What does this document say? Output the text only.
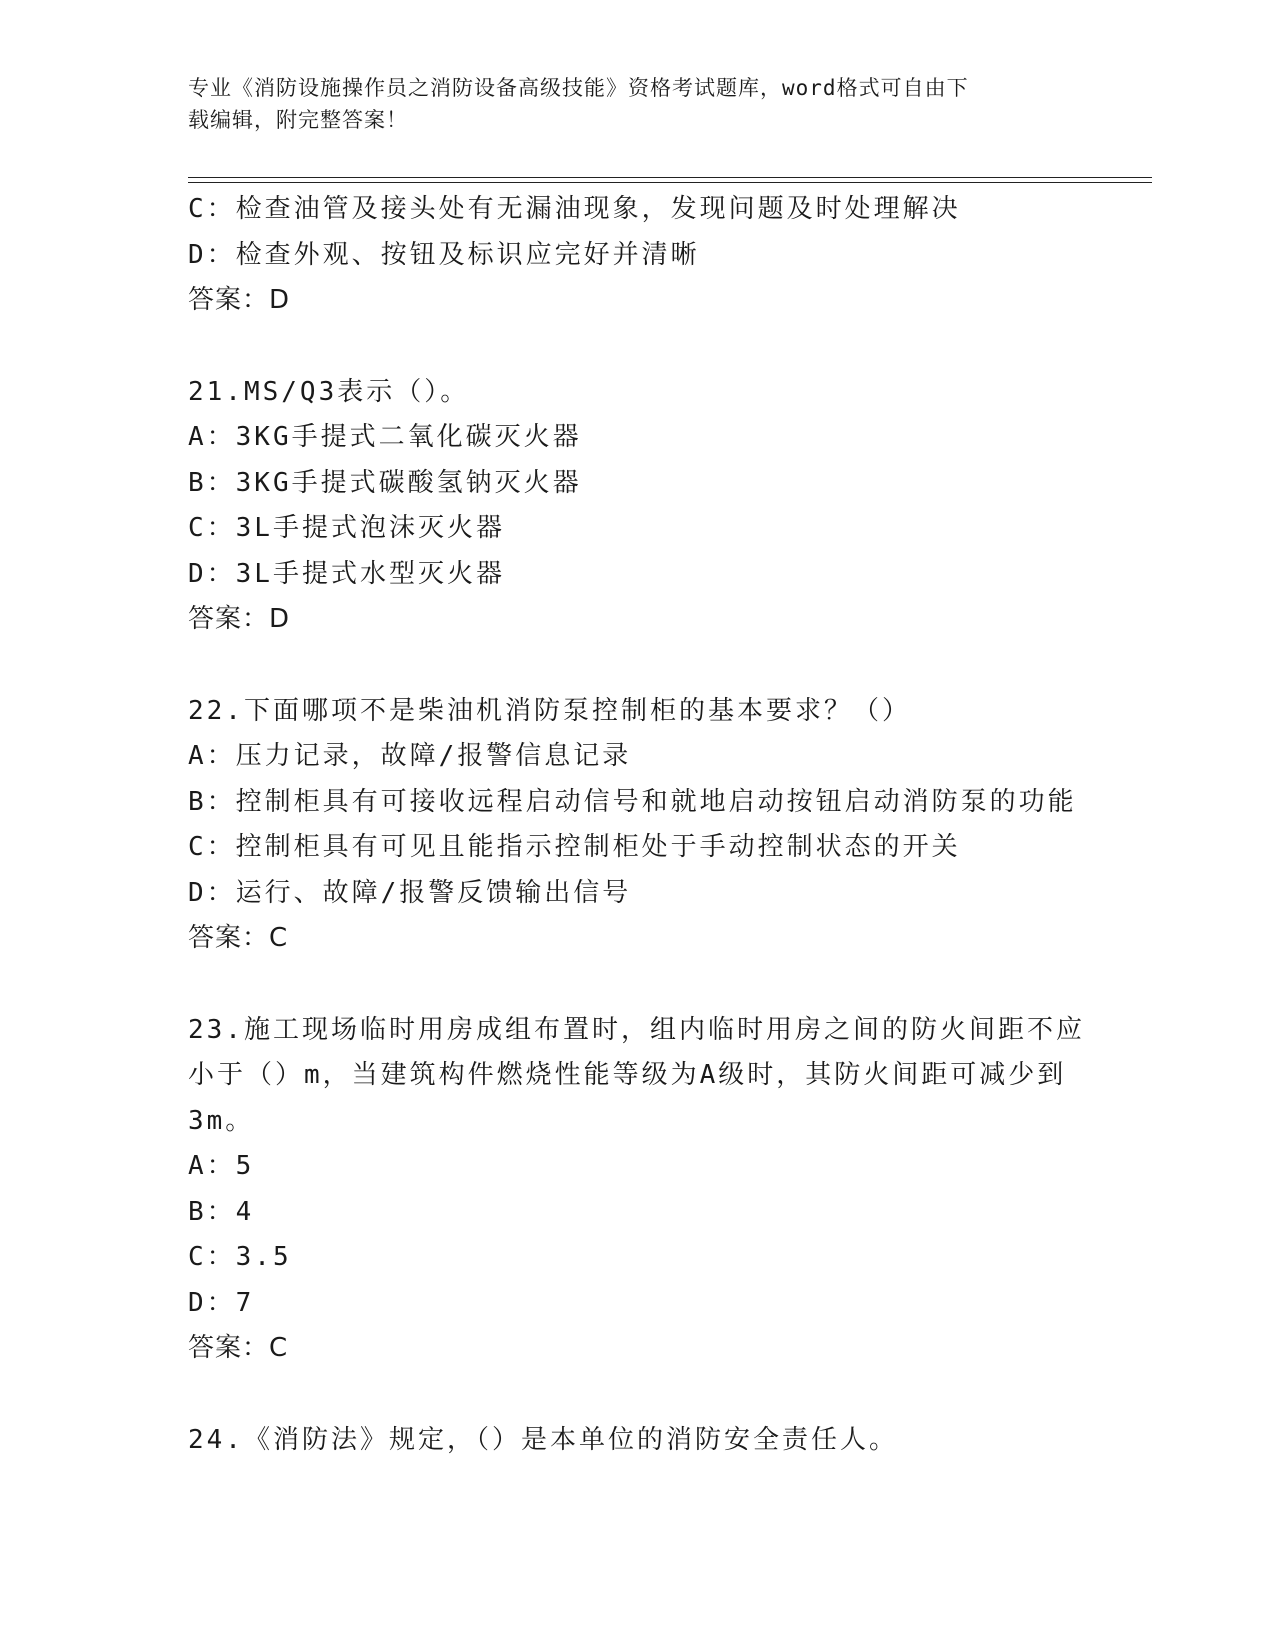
专业《消防设施操作员之消防设备高级技能》资格考试题库，word格式可自由下
载编辑，附完整答案！
C：检查油管及接头处有无漏油现象，发现问题及时处理解决
D：检查外观、按钮及标识应完好并清晰
答案：D
21.MS/Q3表示（）。
A：3KG手提式二氧化碳灭火器
B：3KG手提式碳酸氢钠灭火器
C：3L手提式泡沫灭火器
D：3L手提式水型灭火器
答案：D
22.下面哪项不是柴油机消防泵控制柜的基本要求？（）
A：压力记录，故障/报警信息记录
B：控制柜具有可接收远程启动信号和就地启动按钮启动消防泵的功能
C：控制柜具有可见且能指示控制柜处于手动控制状态的开关
D：运行、故障/报警反馈输出信号
答案：C
23.施工现场临时用房成组布置时，组内临时用房之间的防火间距不应
小于（）m，当建筑构件燃烧性能等级为A级时，其防火间距可减少到
3m。
A：5
B：4
C：3.5
D：7
答案：C
24.《消防法》规定，（）是本单位的消防安全责任人。
